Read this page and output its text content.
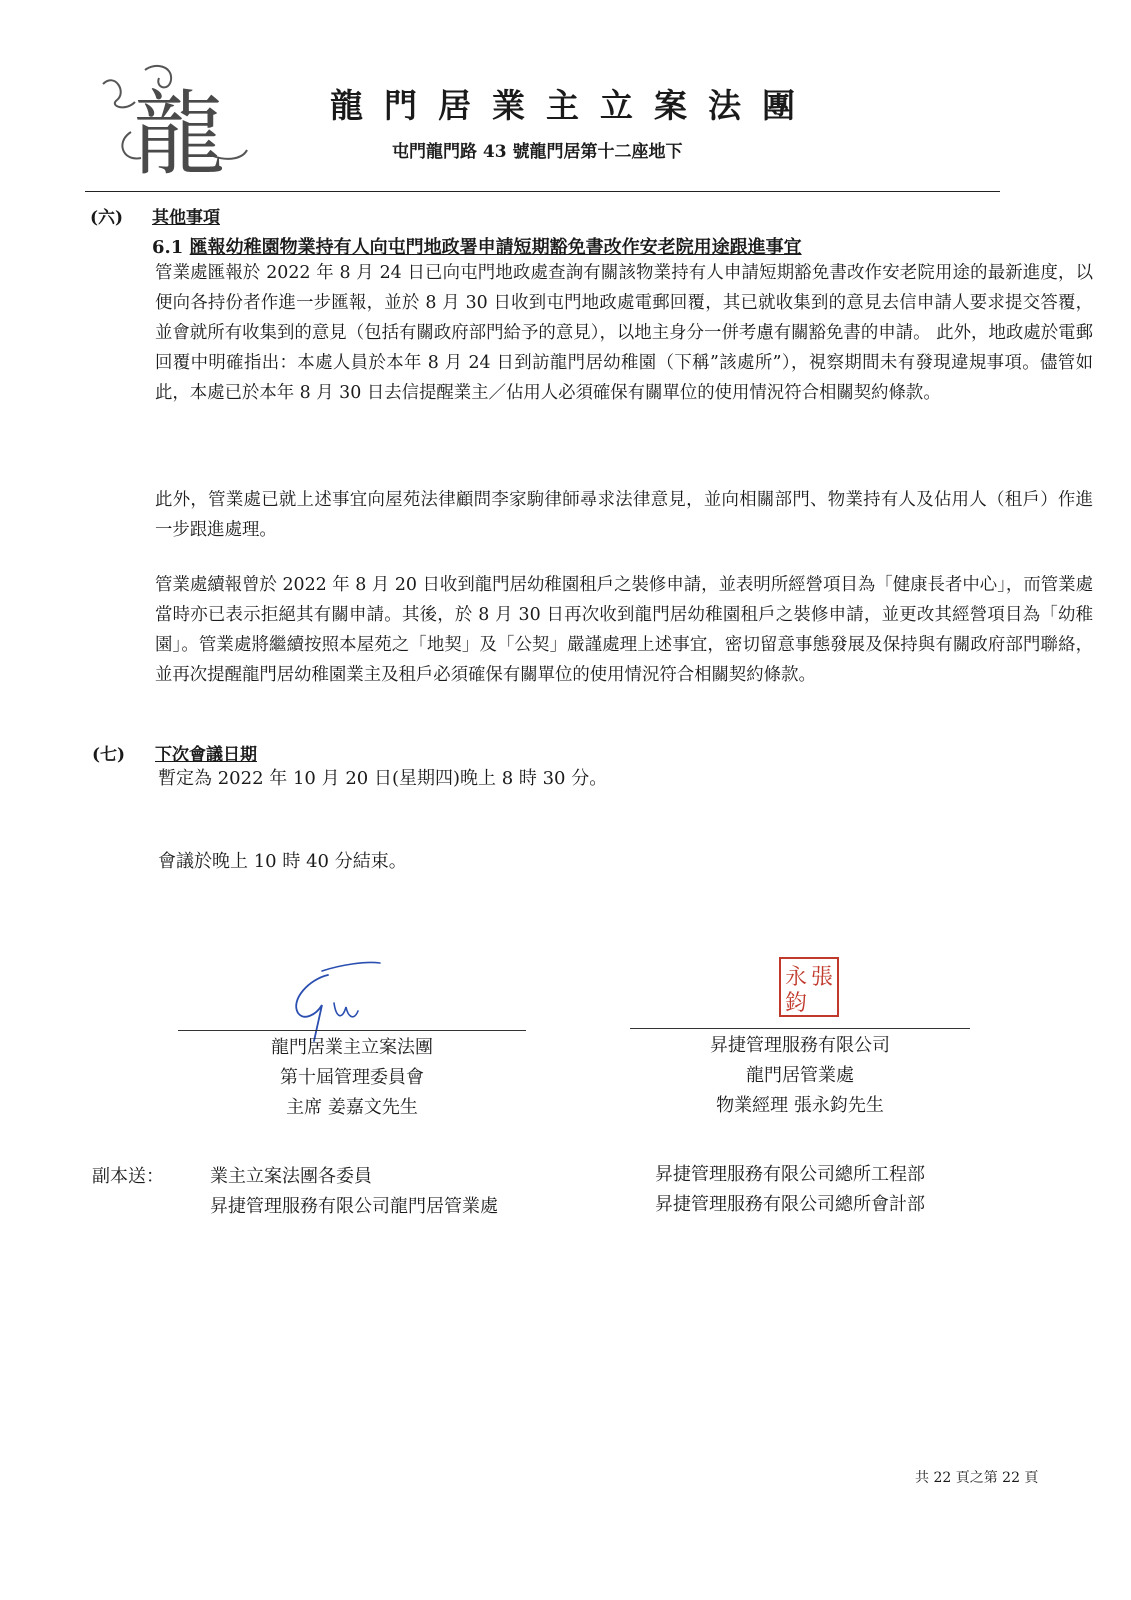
龍	龍門居業主立案法團
屯門龍門路 43 號龍門居第十二座地下
(六) 其他事項
6.1 匯報幼稚園物業持有人向屯門地政署申請短期豁免書改作安老院用途跟進事宜
管業處匯報於 2022 年 8 月 24 日已向屯門地政處查詢有關該物業持有人申請短期豁免書改作安老院用途的最新進度，以便向各持份者作進一步匯報，並於 8 月 30 日收到屯門地政處電郵回覆，其已就收集到的意見去信申請人要求提交答覆，並會就所有收集到的意見（包括有關政府部門給予的意見），以地主身分一併考慮有關豁免書的申請。 此外，地政處於電郵回覆中明確指出：本處人員於本年 8 月 24 日到訪龍門居幼稚園（下稱”該處所”），視察期間未有發現違規事項。儘管如此，本處已於本年 8 月 30 日去信提醒業主／佔用人必須確保有關單位的使用情況符合相關契約條款。
此外，管業處已就上述事宜向屋苑法律顧問李家駒律師尋求法律意見，並向相關部門、物業持有人及佔用人（租戶）作進一步跟進處理。
管業處續報曾於 2022 年 8 月 20 日收到龍門居幼稚園租戶之裝修申請，並表明所經營項目為「健康長者中心」，而管業處當時亦已表示拒絕其有關申請。其後，於 8 月 30 日再次收到龍門居幼稚園租戶之裝修申請，並更改其經營項目為「幼稚園」。管業處將繼續按照本屋苑之「地契」及「公契」嚴謹處理上述事宜，密切留意事態發展及保持與有關政府部門聯絡，並再次提醒龍門居幼稚園業主及租戶必須確保有關單位的使用情況符合相關契約條款。
(七) 下次會議日期
暫定為 2022 年 10 月 20 日(星期四)晚上 8 時 30 分。
會議於晚上 10 時 40 分結束。
張
永
鈞
龍門居業主立案法團
第十屆管理委員會
主席 姜嘉文先生
昇捷管理服務有限公司
龍門居管業處
物業經理 張永鈞先生
副本送：	業主立案法團各委員
昇捷管理服務有限公司龍門居管業處
昇捷管理服務有限公司總所工程部
昇捷管理服務有限公司總所會計部
共 22 頁之第 22 頁
